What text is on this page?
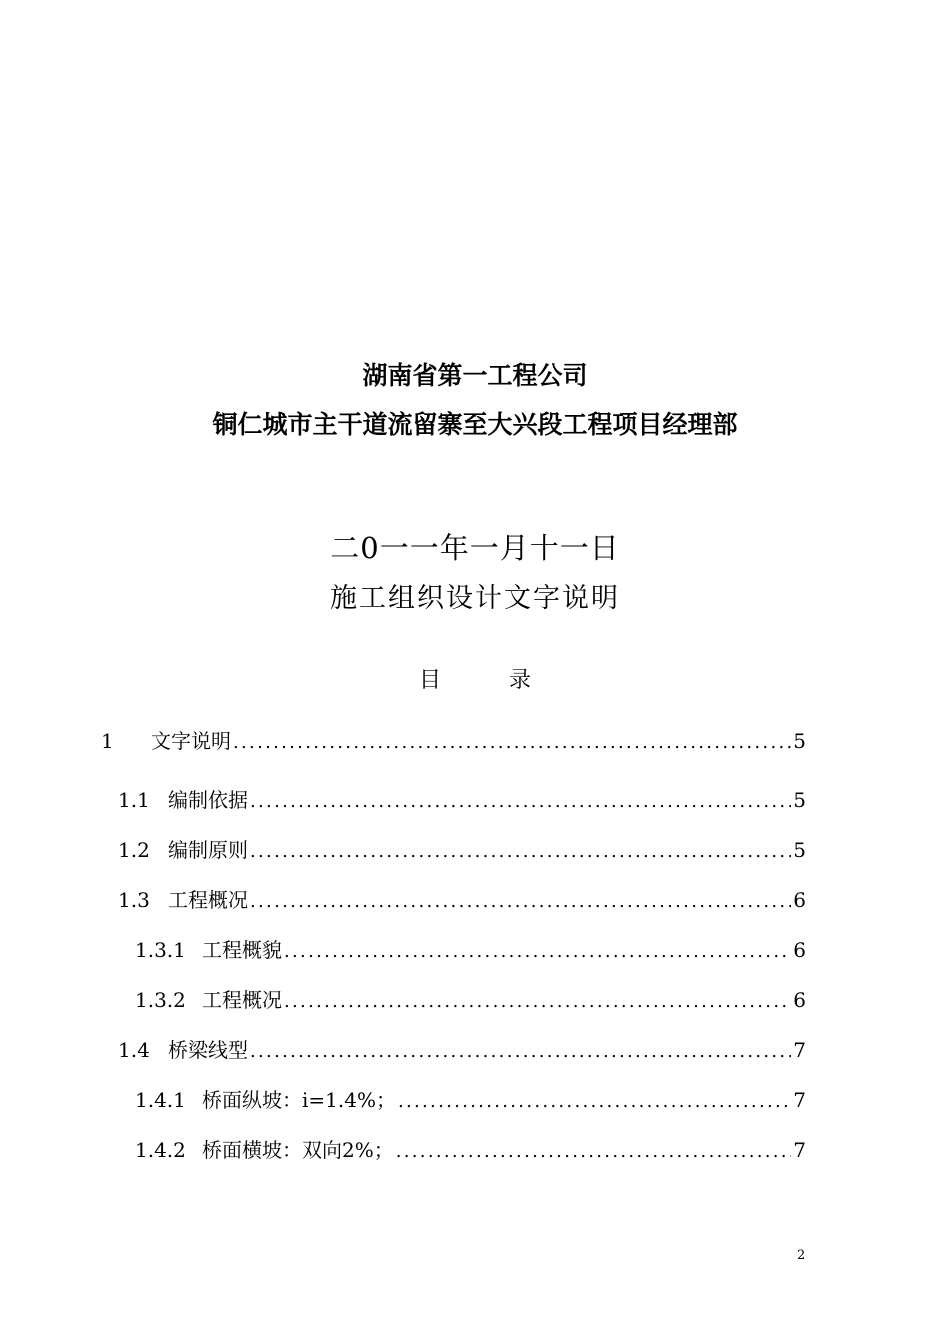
湖南省第一工程公司
铜仁城市主干道流留寨至大兴段工程项目经理部
二0一一年一月十一日
施工组织设计文字说明
目    录
1	文字说明 .....	5
1.1 编制依据 .....	5
1.2 编制原则 .....	5
1.3 工程概况 .....	6
1.3.1 工程概貌 .....	6
1.3.2 工程概况 .....	6
1.4 桥梁线型 .....	7
1.4.1 桥面纵坡：i=1.4%； .....	7
1.4.2 桥面横坡：双向2%； .....	7
2
